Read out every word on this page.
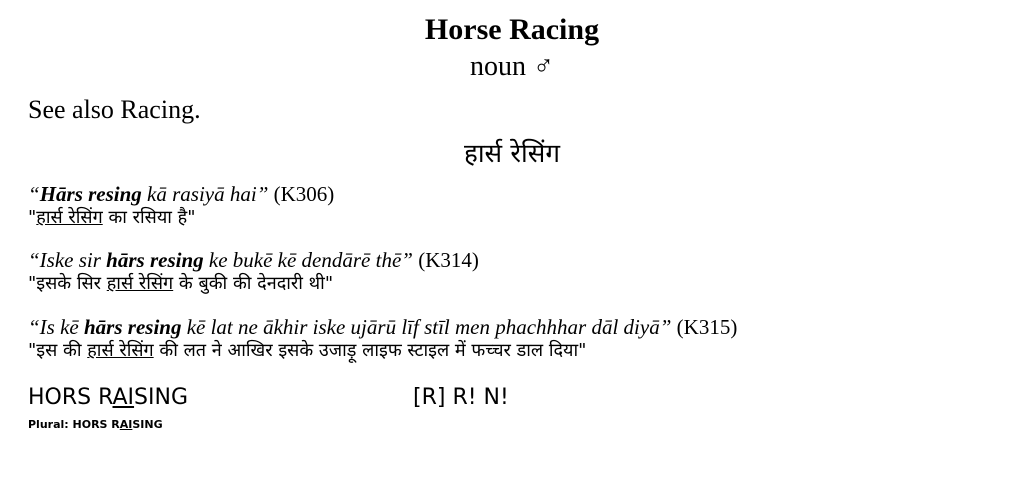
Horse Racing
noun ♂
See also Racing.
हार्स रेसिंग
“Hārs resing kā rasiyā hai” (K306)
"हार्स रेसिंग का रसिया है"
“Iske sir hārs resing ke bukē kē dendārē thē” (K314)
"इसके सिर हार्स रेसिंग के बुकी की देनदारी थी"
“Is kē hārs resing kē lat ne ākhir iske ujārū līf stīl men phachhhar dāl diyā” (K315)
"इस की हार्स रेसिंग की लत ने आखिर इसके उजाड़ू लाइफ स्टाइल में फच्चर डाल दिया"
HORS RAISING	[R] R! N!
Plural: HORS RAISING
